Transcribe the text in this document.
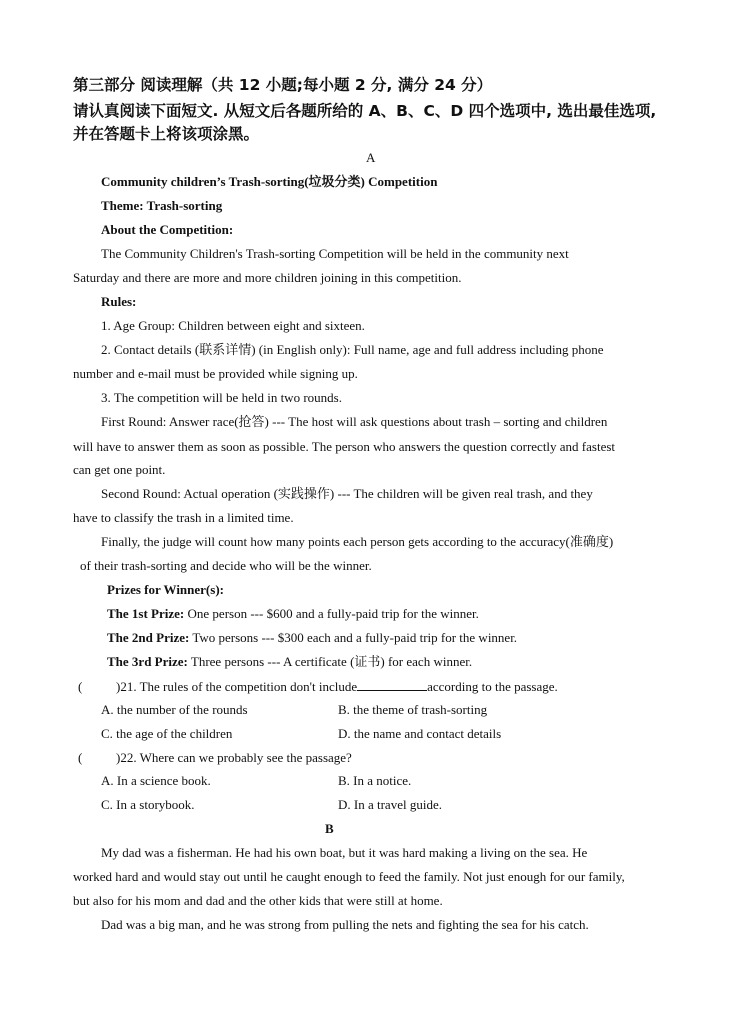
第三部分 阅读理解（共 12 小题;每小题 2 分, 满分 24 分）
请认真阅读下面短文. 从短文后各题所给的 A、B、C、D 四个选项中, 选出最佳选项,
并在答题卡上将该项涂黑。
A
Community children’s Trash-sorting(垃圾分类) Competition
Theme: Trash-sorting
About the Competition:
The Community Children's Trash-sorting Competition will be held in the community next
Saturday and there are more and more children joining in this competition.
Rules:
1. Age Group: Children between eight and sixteen.
2. Contact details (联系详情) (in English only): Full name, age and full address including phone
number and e-mail must be provided while signing up.
3. The competition will be held in two rounds.
First Round: Answer race(抢答) --- The host will ask questions about trash – sorting and children
will have to answer them as soon as possible. The person who answers the question correctly and fastest
can get one point.
Second Round: Actual operation (实践操作) --- The children will be given real trash, and they
have to classify the trash in a limited time.
Finally, the judge will count how many points each person gets according to the accuracy(准确度)
of their trash-sorting and decide who will be the winner.
Prizes for Winner(s):
The 1st Prize: One person --- $600 and a fully-paid trip for the winner.
The 2nd Prize: Two persons --- $300 each and a fully-paid trip for the winner.
The 3rd Prize: Three persons --- A certificate (证书) for each winner.
(	)21. The rules of the competition don't include	according to the passage.
A. the number of the rounds	B. the theme of trash-sorting
C. the age of the children	D. the name and contact details
(	)22. Where can we probably see the passage?
A. In a science book.	B. In a notice.
C. In a storybook.	D. In a travel guide.
B
My dad was a fisherman. He had his own boat, but it was hard making a living on the sea. He
worked hard and would stay out until he caught enough to feed the family. Not just enough for our family,
but also for his mom and dad and the other kids that were still at home.
Dad was a big man, and he was strong from pulling the nets and fighting the sea for his catch.
